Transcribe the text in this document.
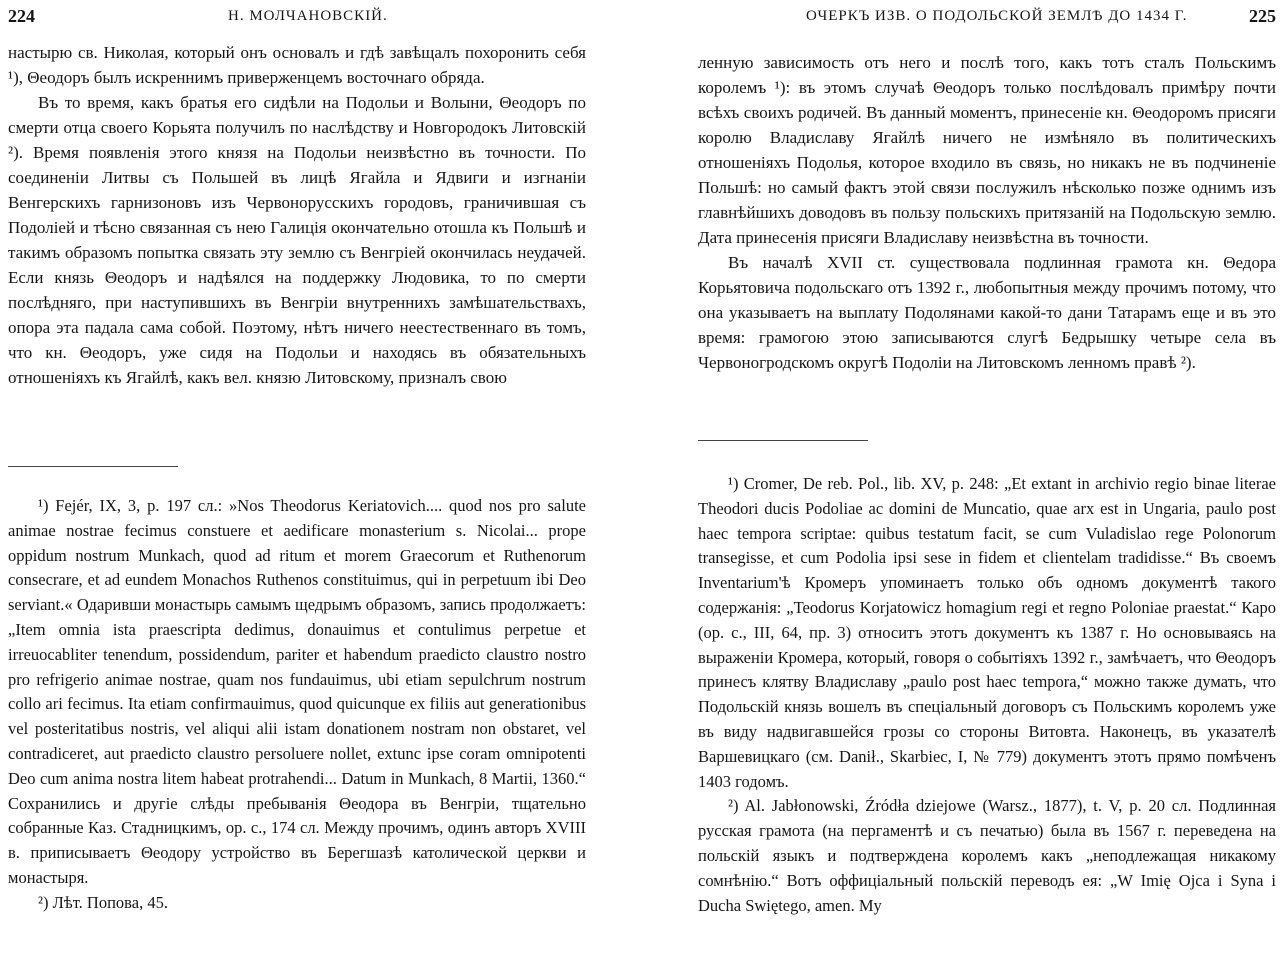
224	Н. МОЛЧАНОВСКІЙ.

настырю св. Николая, который онъ основалъ и гдѣ завѣщалъ похоронить себя ¹), Θеодоръ былъ искреннимъ приверженцемъ восточнаго обряда.

Въ то время, какъ братья его сидѣли на Подольи и Волыни, Θеодоръ по смерти отца своего Корьята получилъ по наслѣдству и Новгородокъ Литовскій ²). Время появленія этого князя на Подольи неизвѣстно въ точности. По соединеніи Литвы съ Польшей въ лицѣ Ягайла и Ядвиги и изгнаніи Венгерскихъ гарнизоновъ изъ Червонорусскихъ городовъ, граничившая съ Подоліей и тѣсно связанная съ нею Галиція окончательно отошла къ Польшѣ и такимъ образомъ попытка связать эту землю съ Венгріей окончилась неудачей. Если князь Θеодоръ и надѣялся на поддержку Людовика, то по смерти послѣдняго, при наступившихъ въ Венгріи внутреннихъ замѣшательствахъ, опора эта падала сама собой. Поэтому, нѣтъ ничего неестественнаго въ томъ, что кн. Θеодоръ, уже сидя на Подольи и находясь въ обязательныхъ отношеніяхъ къ Ягайлѣ, какъ вел. князю Литовскому, призналъ свою

¹) Fejér, IX, 3, p. 197 сл.: »Nos Theodorus Keriatovich.... quod nos pro salute animae nostrae fecimus constuere et aedificare monasterium s. Nicolai... prope oppidum nostrum Munkach, quod ad ritum et morem Graecorum et Ruthenorum consecrare, et ad eundem Monachos Ruthenos constituimus, qui in perpetuum ibi Deo serviant.« Одаривши монастырь самымъ щедрымъ образомъ, запись продолжаетъ: „Item omnia ista praescripta dedimus, donauimus et contulimus perpetue et irreuocabliter tenendum, possidendum, pariter et habendum praedicto claustro nostro pro refrigerio animae nostrae, quam nos fundauimus, ubi etiam sepulchrum nostrum collo ari fecimus. Ita etiam confirmauimus, quod quicunque ex filiis aut generationibus vel posteritatibus nostris, vel aliqui alii istam donationem nostram non obstaret, vel contradiceret, aut praedicto claustro persoluere nollet, extunc ipse coram omnipotenti Deo cum anima nostra litem habeat protrahendi... Datum in Munkach, 8 Martii, 1360.“ Сохранились и другіе слѣды пребыванія Θеодора въ Венгріи, тщательно собранные Каз. Стадницкимъ, ор. с., 174 сл. Между прочимъ, одинъ авторъ XVIII в. приписываетъ Θеодору устройство въ Берегшазѣ католической церкви и монастыря.

²) Лѣт. Попова, 45.

ОЧЕРКЪ ИЗВ. О ПОДОЛЬСКОЙ ЗЕМЛѢ ДО 1434 Г.	225

ленную зависимость отъ него и послѣ того, какъ тотъ сталъ Польскимъ королемъ ¹): въ этомъ случаѣ Θеодоръ только послѣдовалъ примѣру почти всѣхъ своихъ родичей. Въ данный моментъ, принесеніе кн. Θеодоромъ присяги королю Владиславу Ягайлѣ ничего не измѣняло въ политическихъ отношеніяхъ Подолья, которое входило въ связь, но никакъ не въ подчиненіе Польшѣ: но самый фактъ этой связи послужилъ нѣсколько позже однимъ изъ главнѣйшихъ доводовъ въ пользу польскихъ притязаній на Подольскую землю. Дата принесенія присяги Владиславу неизвѣстна въ точности.

Въ началѣ XVII ст. существовала подлинная грамота кн. Θедора Корьятовича подольскаго отъ 1392 г., любопытныя между прочимъ потому, что она указываетъ на выплату Подолянами какой-то дани Татарамъ еще и въ это время: грамогою этою записываются слугѣ Бедрышку четыре села въ Червоногродскомъ округѣ Подоліи на Литовскомъ ленномъ правѣ ²).

¹) Cromer, De reb. Pol., lib. XV, p. 248: „Et extant in archivio regio binae literae Theodori ducis Podoliae ac domini de Muncatio, quae arx est in Ungaria, paulo post haec tempora scriptae: quibus testatum facit, se cum Vuladislao rege Polonorum transegisse, et cum Podolia ipsi sese in fidem et clientelam tradidisse.“ Въ своемъ Inventarium'ѣ Кромеръ упоминаетъ только объ одномъ документѣ такого содержанія: „Teodorus Korjatowicz homagium regi et regno Poloniae praestat.“ Каро (ор. с., III, 64, пр. 3) относитъ этотъ документъ къ 1387 г. Но основываясь на выраженіи Кромера, который, говоря о событіяхъ 1392 г., замѣчаетъ, что Θеодоръ принесъ клятву Владиславу „paulo post haec tempora,“ можно также думать, что Подольскій князь вошелъ въ спеціальный договоръ съ Польскимъ королемъ уже въ виду надвигавшейся грозы со стороны Витовта. Наконецъ, въ указателѣ Варшевицкаго (см. Danił., Skarbiec, I, № 779) документъ этотъ прямо помѣченъ 1403 годомъ.

²) Al. Jabłonowski, Źródła dziejowe (Warsz., 1877), t. V, p. 20 сл. Подлинная русская грамота (на пергаментѣ и съ печатью) была въ 1567 г. переведена на польскій языкъ и подтверждена королемъ какъ „неподлежащая никакому сомнѣнію.“ Вотъ оффиціальный польскій переводъ ея: „W Imię Ojca i Syna i Ducha Swiętego, amen. My
